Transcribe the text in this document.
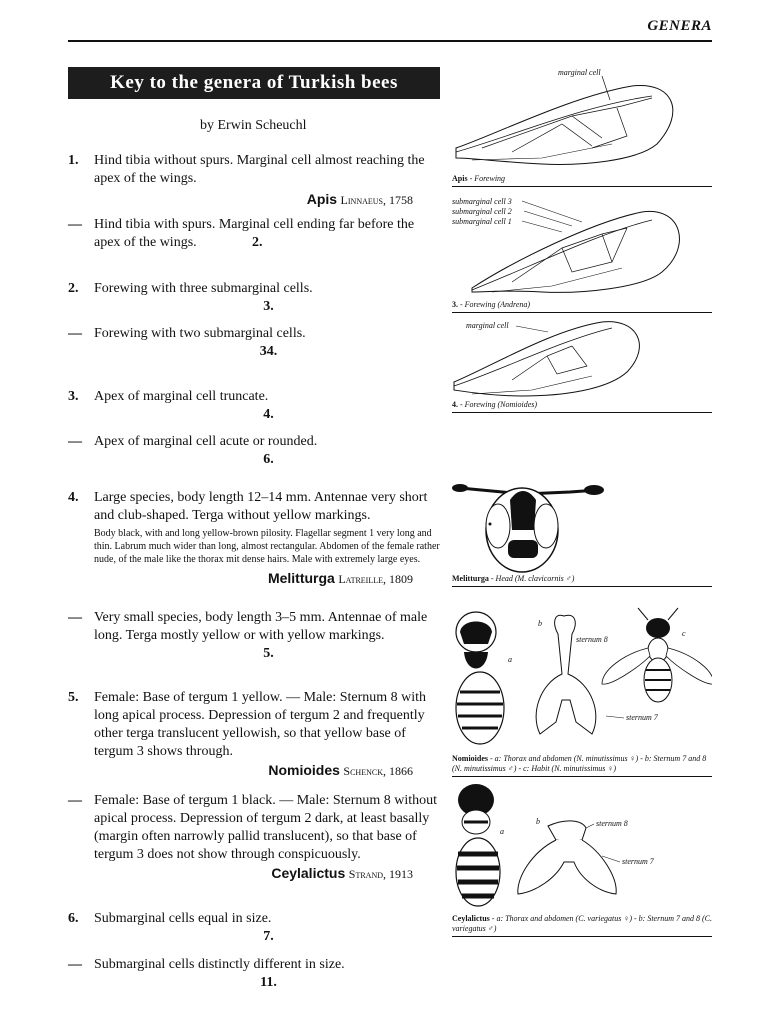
GENERA
Key to the genera of Turkish bees
by Erwin Scheuchl
1. Hind tibia without spurs. Marginal cell almost reaching the apex of the wings.
Apis Linnaeus, 1758
— Hind tibia with spurs. Marginal cell ending far before the apex of the wings.	2.
2. Forewing with three submarginal cells.
3.
— Forewing with two submarginal cells.
34.
3. Apex of marginal cell truncate.
4.
— Apex of marginal cell acute or rounded.
6.
4. Large species, body length 12–14 mm. Antennae very short and club-shaped. Terga without yellow markings.
Body black, with and long yellow-brown pilosity. Flagellar segment 1 very long and thin. Labrum much wider than long, almost rectangular. Abdomen of the female rather nude, of the male like the thorax mit dense hairs. Male with extremely large eyes.
Melitturga Latreille, 1809
— Very small species, body length 3–5 mm. Antennae of male long. Terga mostly yellow or with yellow markings.
5.
5. Female: Base of tergum 1 yellow. — Male: Sternum 8 with long apical process. Depression of tergum 2 and frequently other terga translucent yellowish, so that yellow base of tergum 3 shows through.
Nomioides Schenck, 1866
— Female: Base of tergum 1 black. — Male: Sternum 8 without apical process. Depression of tergum 2 dark, at least basally (margin often narrowly pallid translucent), so that base of tergum 3 does not show through conspicuously.
Ceylalictus Strand, 1913
6. Submarginal cells equal in size.
7.
— Submarginal cells distinctly different in size.
11.
marginal cell
Apis - Forewing
submarginal cell 3
submarginal cell 2
submarginal cell 1
3. - Forewing (Andrena)
marginal cell
4. - Forewing (Nomioides)
Melitturga - Head (M. clavicornis ♂)
a
b
sternum 8
sternum 7
c
Nomioides - a: Thorax and abdomen (N. minutissimus ♀) - b: Sternum 7 and 8 (N. minutissimus ♂) - c: Habit (N. minutissimus ♀)
a
b	sternum 8
sternum 7
Ceylalictus - a: Thorax and abdomen (C. variegatus ♀) - b: Sternum 7 and 8 (C. variegatus ♂)
